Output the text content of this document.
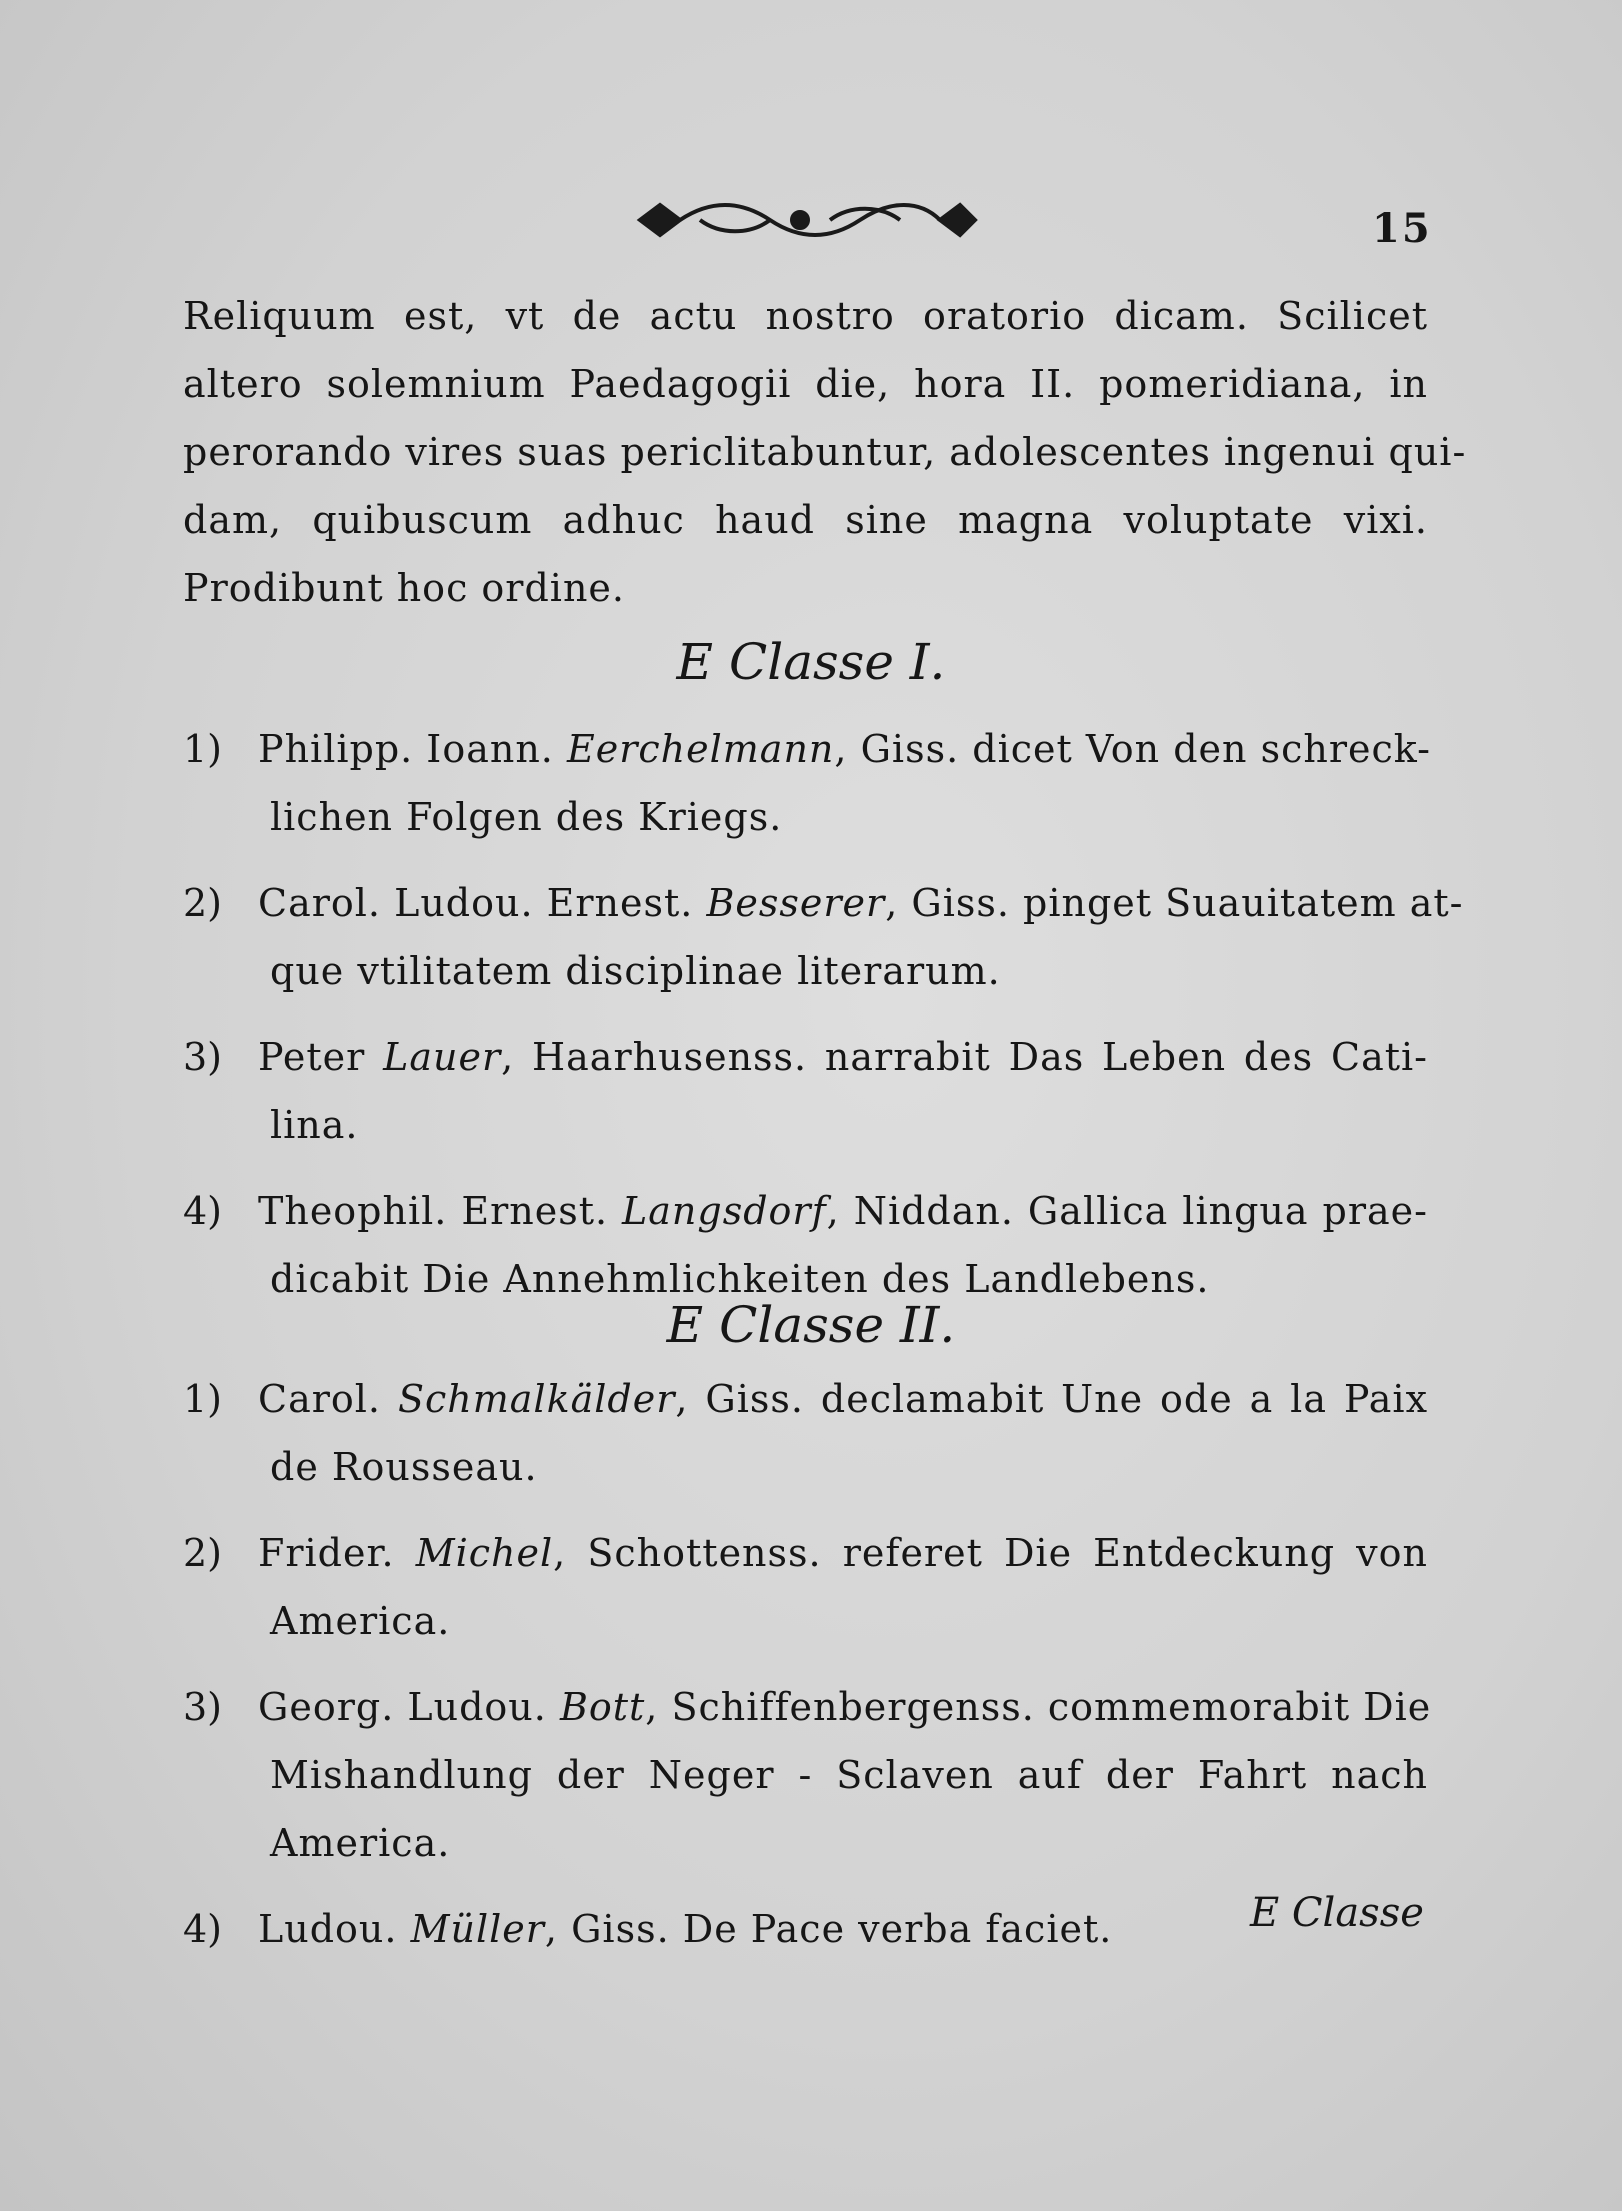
15
Reliquum est, vt de actu nostro oratorio dicam. Scilicet
altero solemnium Paedagogii die, hora II. pomeridiana, in
perorando vires suas periclitabuntur, adolescentes ingenui qui-
dam, quibuscum adhuc haud sine magna voluptate vixi.
Prodibunt hoc ordine.
E Classe I.
1) Philipp. Ioann. Eerchelmann, Giss. dicet Von den schreck-
lichen Folgen des Kriegs.
2) Carol. Ludou. Ernest. Besserer, Giss. pinget Suauitatem at-
que vtilitatem disciplinae literarum.
3) Peter Lauer, Haarhusenss. narrabit Das Leben des Cati-
lina.
4) Theophil. Ernest. Langsdorf, Niddan. Gallica lingua prae-
dicabit Die Annehmlichkeiten des Landlebens.
E Classe II.
1) Carol. Schmalkälder, Giss. declamabit Une ode a la Paix
de Rousseau.
2) Frider. Michel, Schottenss. referet Die Entdeckung von
America.
3) Georg. Ludou. Bott, Schiffenbergenss. commemorabit Die
Mishandlung der Neger - Sclaven auf der Fahrt nach
America.
4) Ludou. Müller, Giss. De Pace verba faciet.	E Classe
